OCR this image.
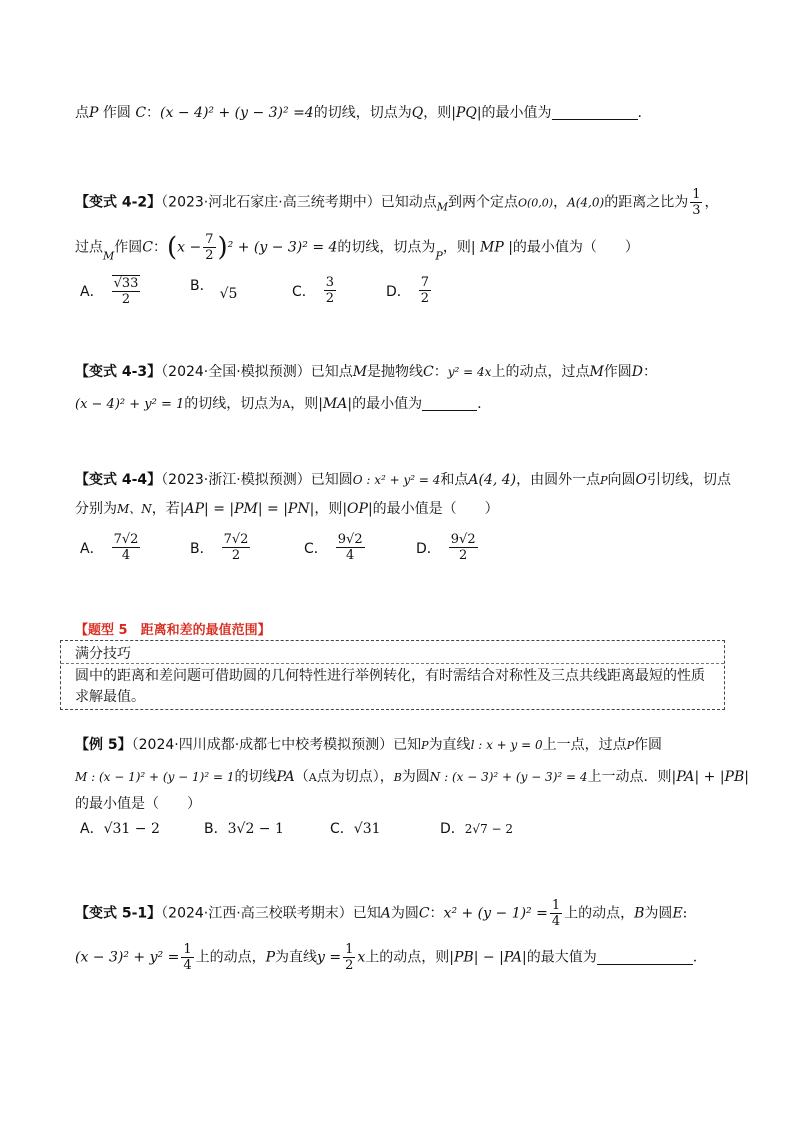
点P 作圆 C：(x − 4)² + (y − 3)² =4的切线，切点为Q，则|PQ|的最小值为	.
【变式 4-2】（2023·河北石家庄·高三统考期中）已知动点$_M$到两个定点O(0,0)，A(4,0)的距离之比为 $\frac{1}{3}$ ，
过点$_M$作圆C：$(x - \frac{7}{2} )^2 + (y - 3)^2 = 4$的切线，切点为$_P$，则| MP |的最小值为（　　）
A． $\frac{√33}{2}$	B． √5	C． $\frac{3}{2}$	D． $\frac{7}{2}$
【变式 4-3】（2024·全国·模拟预测）已知点M是抛物线C：y² = 4x上的动点，过点M作圆D：
(x − 4)² + y² = 1的切线，切点为A，则|MA|的最小值为	.
【变式 4-4】（2023·浙江·模拟预测）已知圆O : x² + y² = 4和点A(4, 4)，由圆外一点P向圆O引切线，切点
分别为M、N，若|AP| = |PM| = |PN|，则|OP|的最小值是（　　）
A． $\frac{7√2}{4}$	B． $\frac{7√2}{2}$	C． $\frac{9√2}{4}$	D． $\frac{9√2}{2}$
【题型 5　距离和差的最值范围】
满分技巧
圆中的距离和差问题可借助圆的几何特性进行举例转化，有时需结合对称性及三点共线距离最短的性质求解最值。
【例 5】（2024·四川成都·成都七中校考模拟预测）已知P为直线l : x + y = 0上一点，过点P作圆
M : (x − 1)² + (y − 1)² = 1的切线PA（A点为切点），B为圆N : (x − 3)² + (y − 3)² = 4上一动点．则|PA| + |PB|
的最小值是（　　）
A．√31 − 2	B．3√2 − 1	C．√31	D．2√7 − 2
【变式 5-1】（2024·江西·高三校联考期末）已知A为圆C：$x^2 + (y - 1)^2 = \frac{1}{4}$ 上的动点，B为圆E:
$(x - 3)^2 + y^2 = \frac{1}{4}$ 上的动点，P为直线$y = \frac{1}{2}$ x上的动点，则|PB| − |PA|的最大值为	.
